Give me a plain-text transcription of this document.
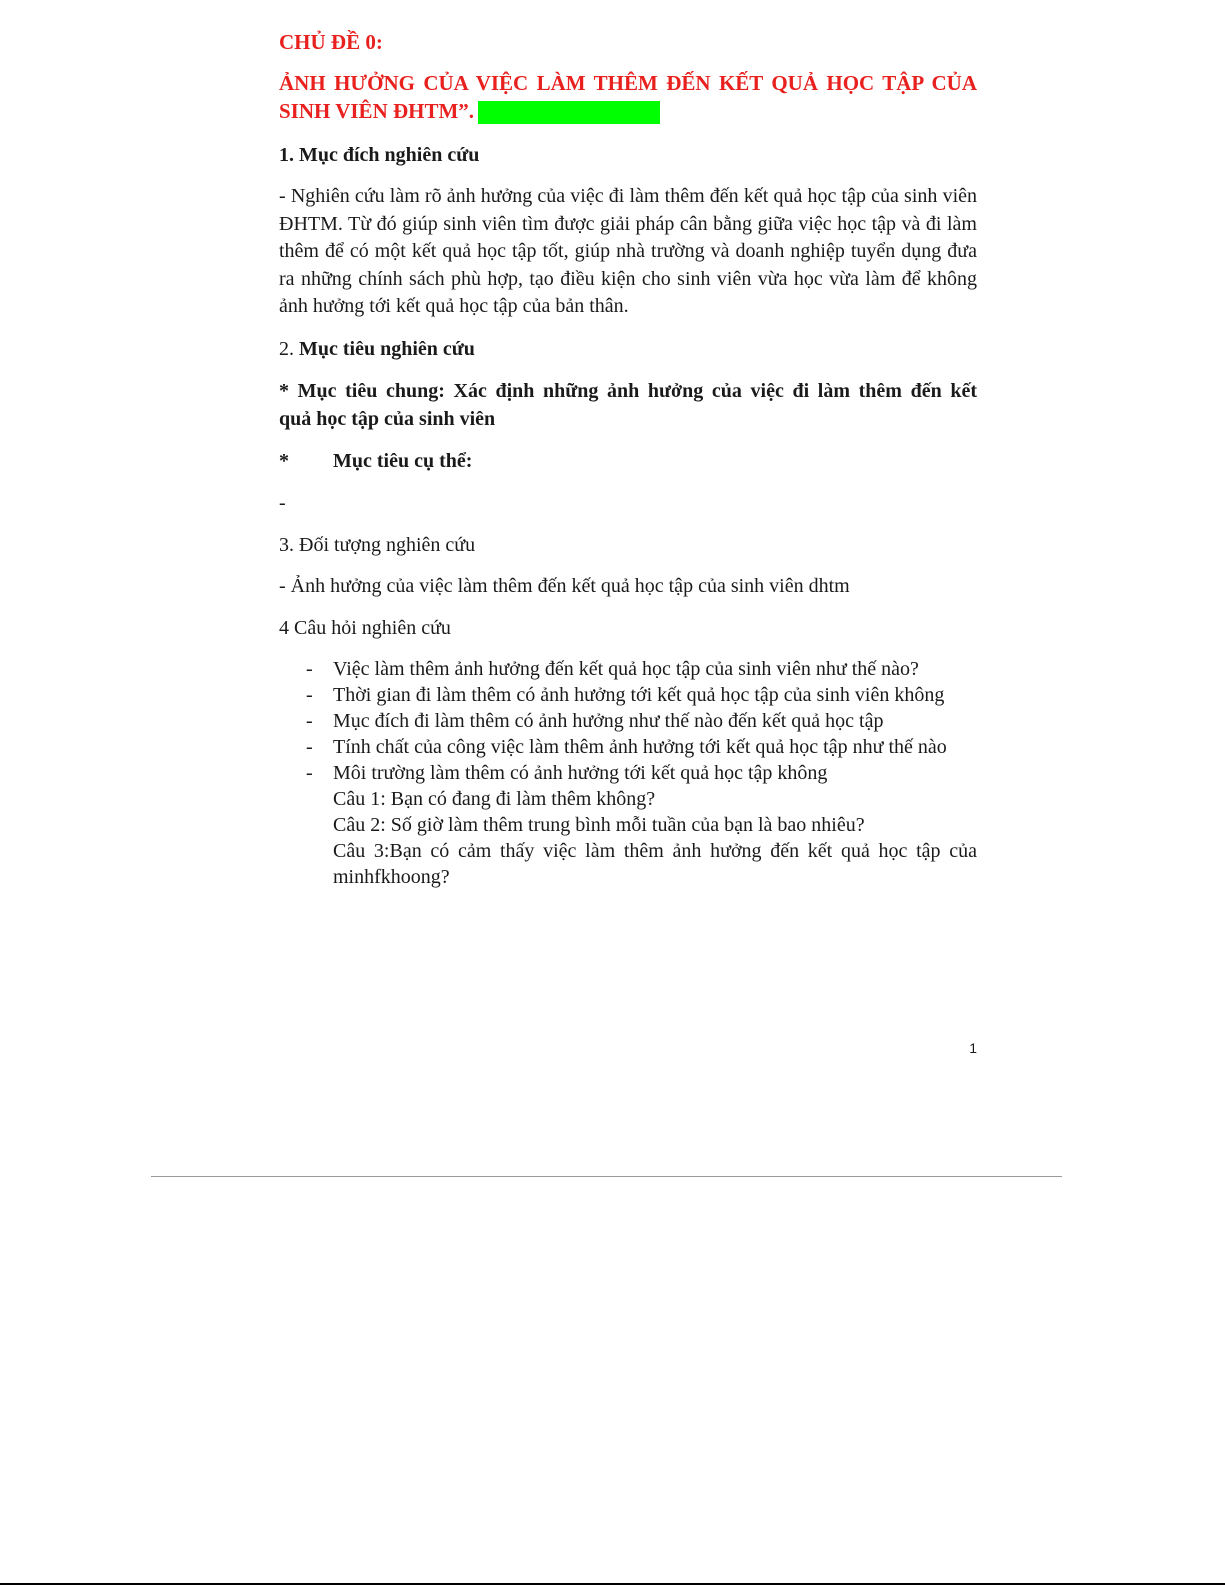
CHỦ ĐỀ 0:
ẢNH HƯỞNG CỦA VIỆC LÀM THÊM ĐẾN KẾT QUẢ HỌC TẬP CỦA
SINH VIÊN ĐHTM”.
1. Mục đích nghiên cứu

- Nghiên cứu làm rõ ảnh hưởng của việc đi làm thêm đến kết quả học tập của sinh viên ĐHTM. Từ đó giúp sinh viên tìm được giải pháp cân bằng giữa việc học tập và đi làm thêm để có một kết quả học tập tốt, giúp nhà trường và doanh nghiệp tuyển dụng đưa ra những chính sách phù hợp, tạo điều kiện cho sinh viên vừa học vừa làm để không ảnh hưởng tới kết quả học tập của bản thân.

2. Mục tiêu nghiên cứu
* Mục tiêu chung: Xác định những ảnh hưởng của việc đi làm thêm đến kết
quả học tập của sinh viên
*	Mục tiêu cụ thể:
-
3. Đối tượng nghiên cứu

- Ảnh hưởng của việc làm thêm đến kết quả học tập của sinh viên dhtm

4 Câu hỏi nghiên cứu
-	Việc làm thêm ảnh hưởng đến kết quả học tập của sinh viên như thế nào?
-	Thời gian đi làm thêm có ảnh hưởng tới kết quả học tập của sinh viên không
-	Mục đích đi làm thêm có ảnh hưởng như thế nào đến kết quả học tập
-	Tính chất của công việc làm thêm ảnh hưởng tới kết quả học tập như thế nào
-	Môi trường làm thêm có ảnh hưởng tới kết quả học tập không
Câu 1: Bạn có đang đi làm thêm không?
Câu 2: Số giờ làm thêm trung bình mỗi tuần của bạn là bao nhiêu?
Câu 3:Bạn có cảm thấy việc làm thêm ảnh hưởng đến kết quả học tập của
minhfkhoong?
1
